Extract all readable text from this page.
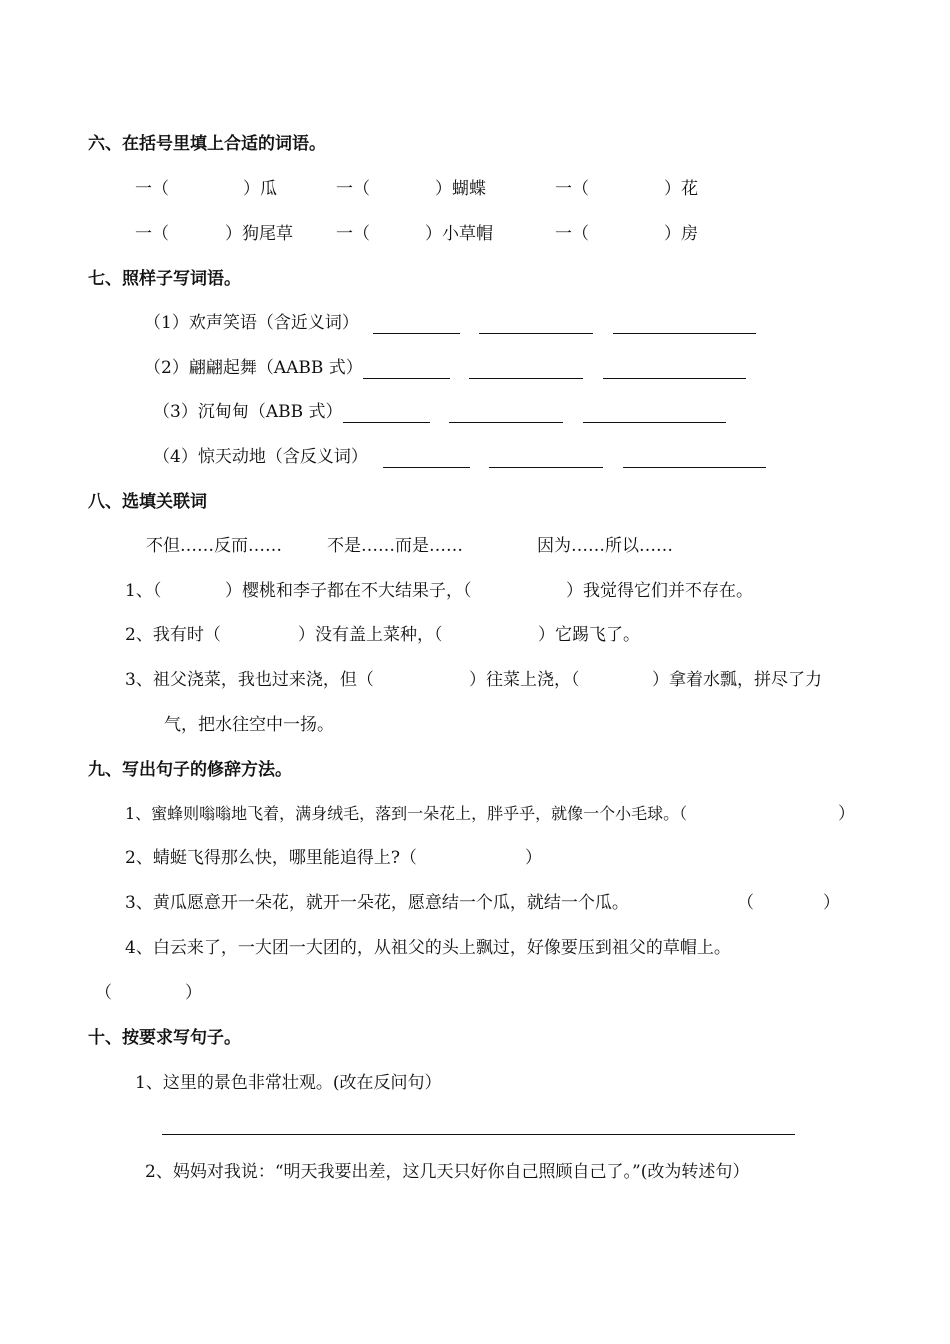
六、在括号里填上合适的词语。
一（	）瓜	一（	）蝴蝶	一（	）花
一（	）狗尾草	一（	）小草帽	一（	）房
七、照样子写词语。
（1）欢声笑语（含近义词）
（2）翩翩起舞（AABB 式）
（3）沉甸甸（ABB 式）
（4）惊天动地（含反义词）
八、选填关联词
不但……反而……	不是……而是……	因为……所以……
1、（	）樱桃和李子都在不大结果子，（	）我觉得它们并不存在。
2、我有时（	）没有盖上菜种，（	）它踢飞了。
3、祖父浇菜，我也过来浇，但（	）往菜上浇，（	）拿着水瓢，拼尽了力
气，把水往空中一扬。
九、写出句子的修辞方法。
1、蜜蜂则嗡嗡地飞着，满身绒毛，落到一朵花上，胖乎乎，就像一个小毛球。（	）
2、蜻蜓飞得那么快，哪里能追得上?（	）
3、黄瓜愿意开一朵花，就开一朵花，愿意结一个瓜，就结一个瓜。	（	）
4、白云来了，一大团一大团的，从祖父的头上飘过，好像要压到祖父的草帽上。
（	）
十、按要求写句子。
1、这里的景色非常壮观。(改在反问句）
2、妈妈对我说：“明天我要出差，这几天只好你自己照顾自己了。”(改为转述句）
